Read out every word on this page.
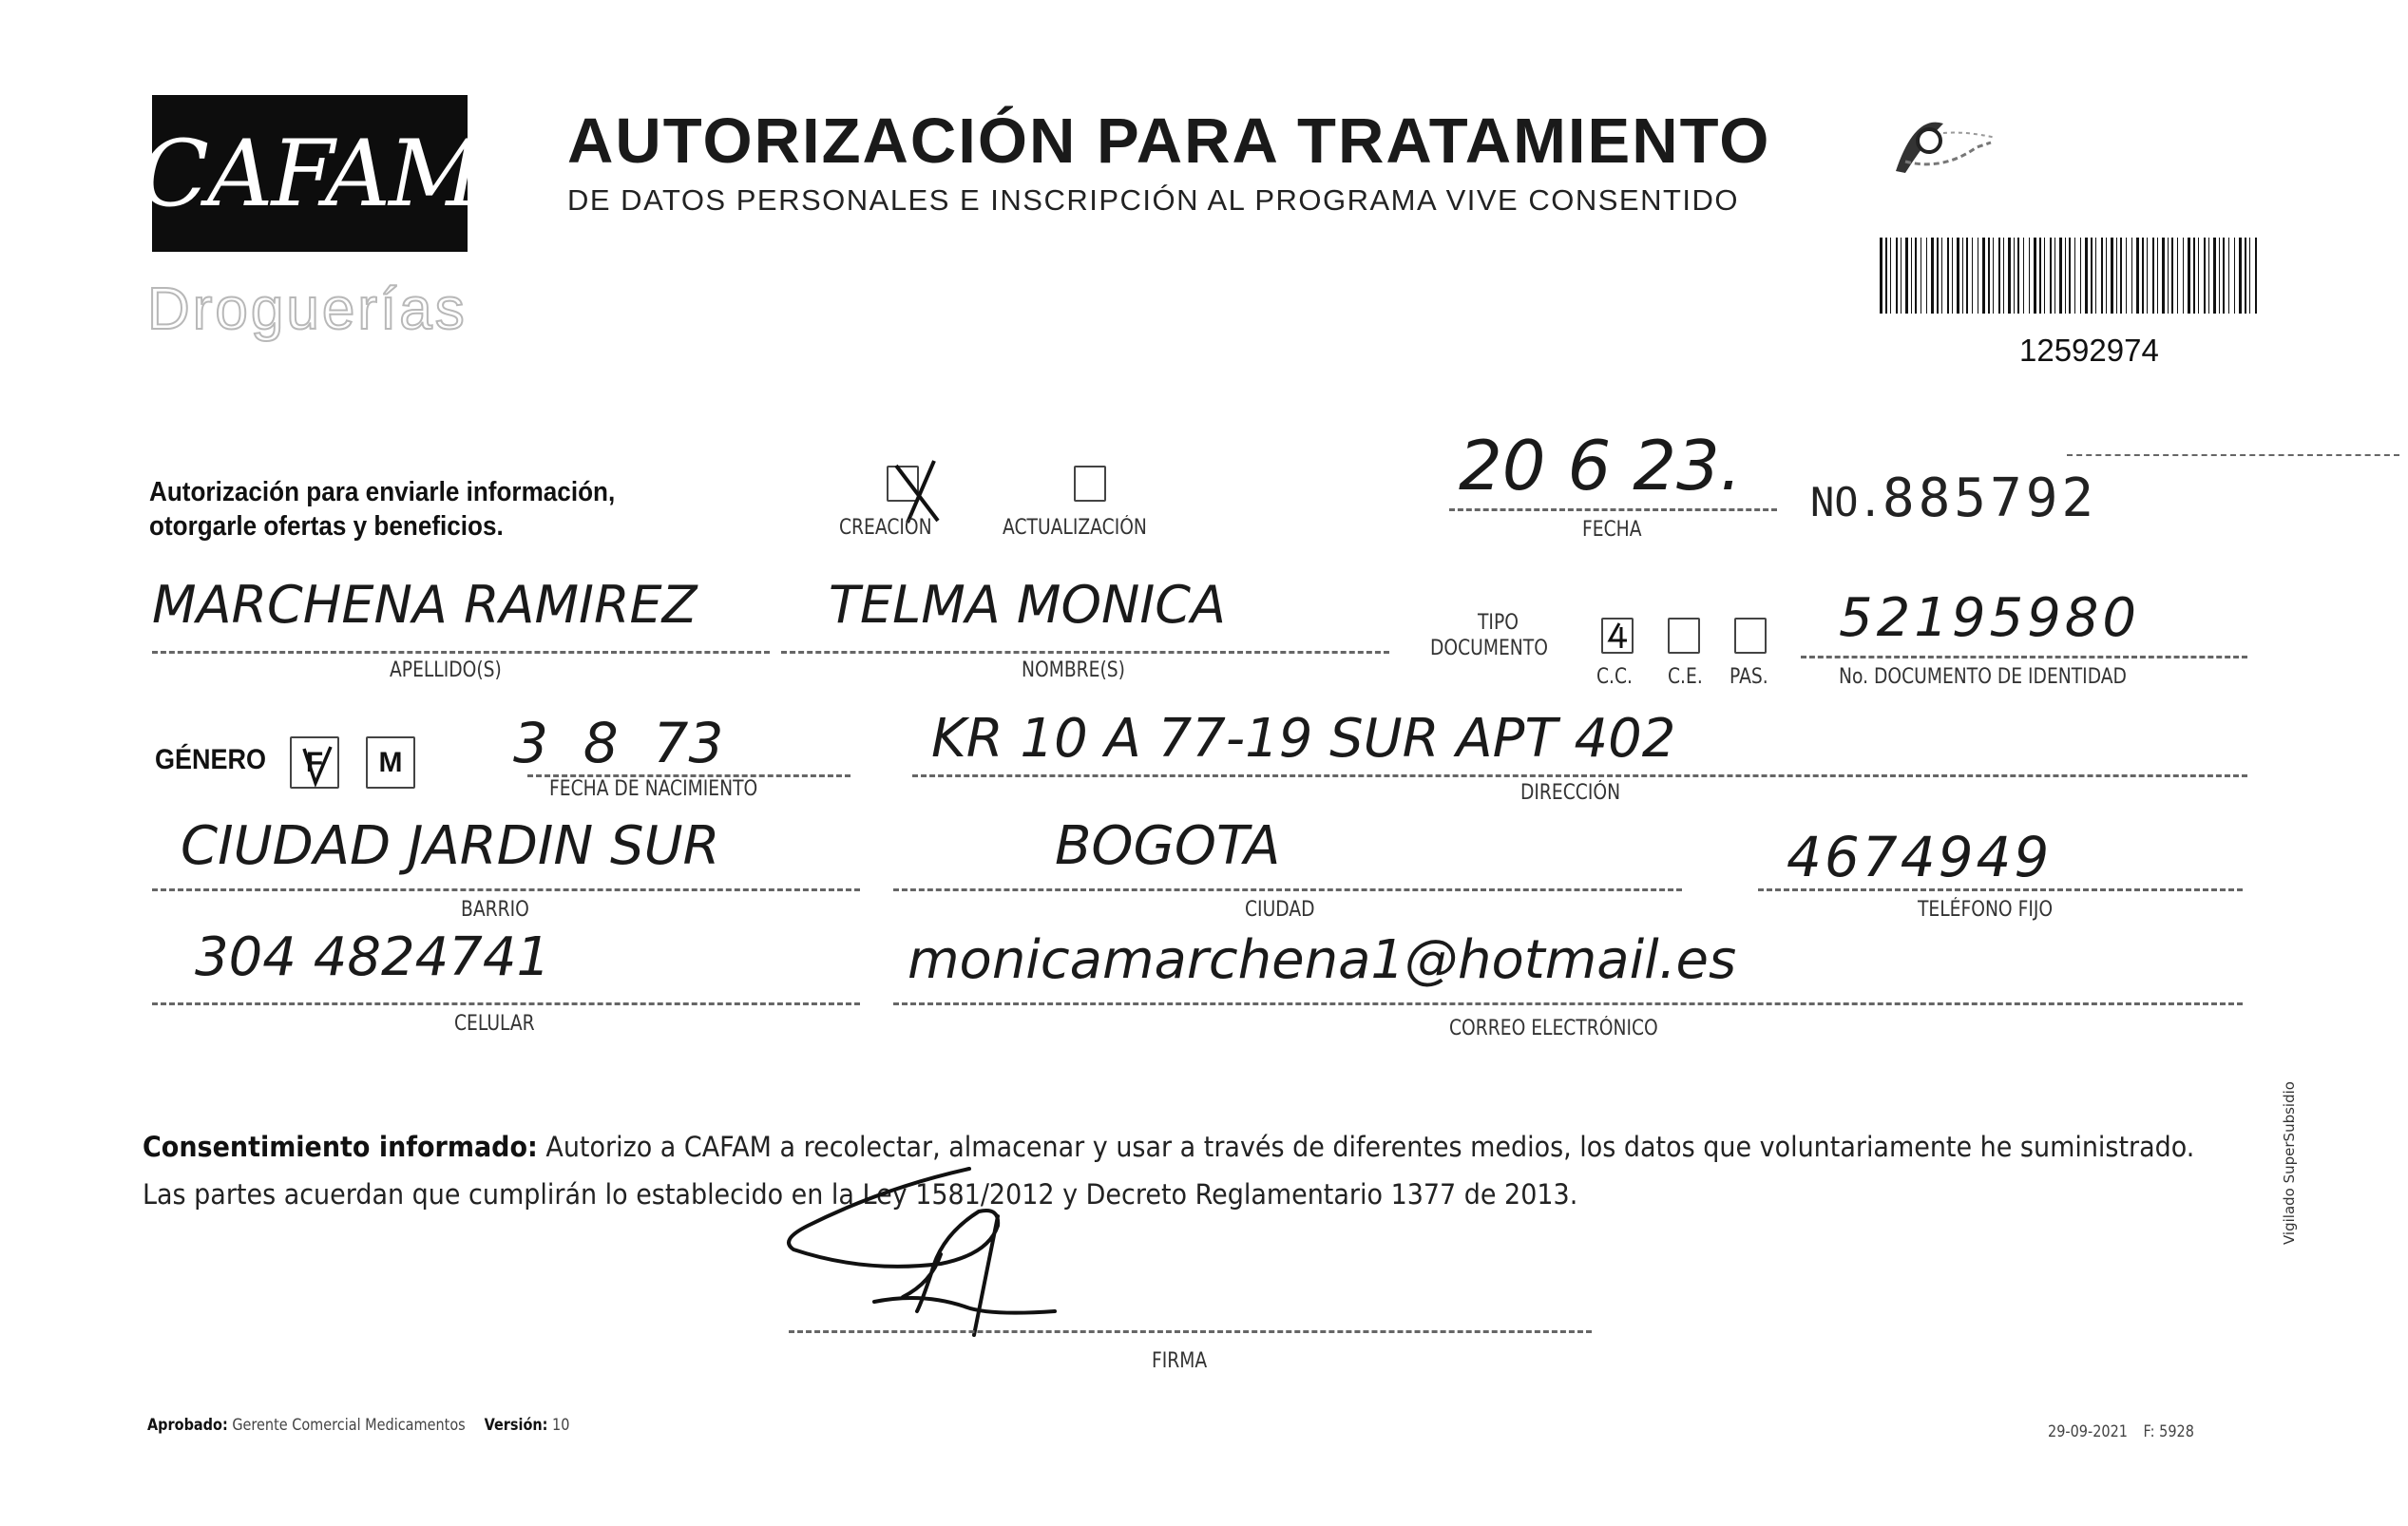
CAFAM
Droguerías
AUTORIZACIÓN PARA TRATAMIENTO
DE DATOS PERSONALES E INSCRIPCIÓN AL PROGRAMA VIVE CONSENTIDO
12592974
Autorización para enviarle información,
otorgarle ofertas y beneficios.	CREACIÓN	ACTUALIZACIÓN
20 6 23.
FECHA
NO.885792
MARCHENA RAMIREZ
APELLIDO(S)
TELMA MONICA
NOMBRE(S)
TIPO
DOCUMENTO
C.C. C.E. PAS.
52195980
No. DOCUMENTO DE IDENTIDAD
GÉNERO F M 3  8  73
FECHA DE NACIMIENTO
KR 10 A 77-19 SUR APT 402
DIRECCIÓN
CIUDAD JARDIN SUR
BARRIO
BOGOTA
CIUDAD
4674949
TELÉFONO FIJO
304 4824741
CELULAR
monicamarchena1@hotmail.es
CORREO ELECTRÓNICO
Consentimiento informado: Autorizo a CAFAM a recolectar, almacenar y usar a través de diferentes medios, los datos que voluntariamente he suministrado.
Las partes acuerdan que cumplirán lo establecido en la Ley 1581/2012 y Decreto Reglamentario 1377 de 2013.
FIRMA
Aprobado: Gerente Comercial Medicamentos Versión: 10	29-09-2021 F: 5928
Vigilado SuperSubsidio
